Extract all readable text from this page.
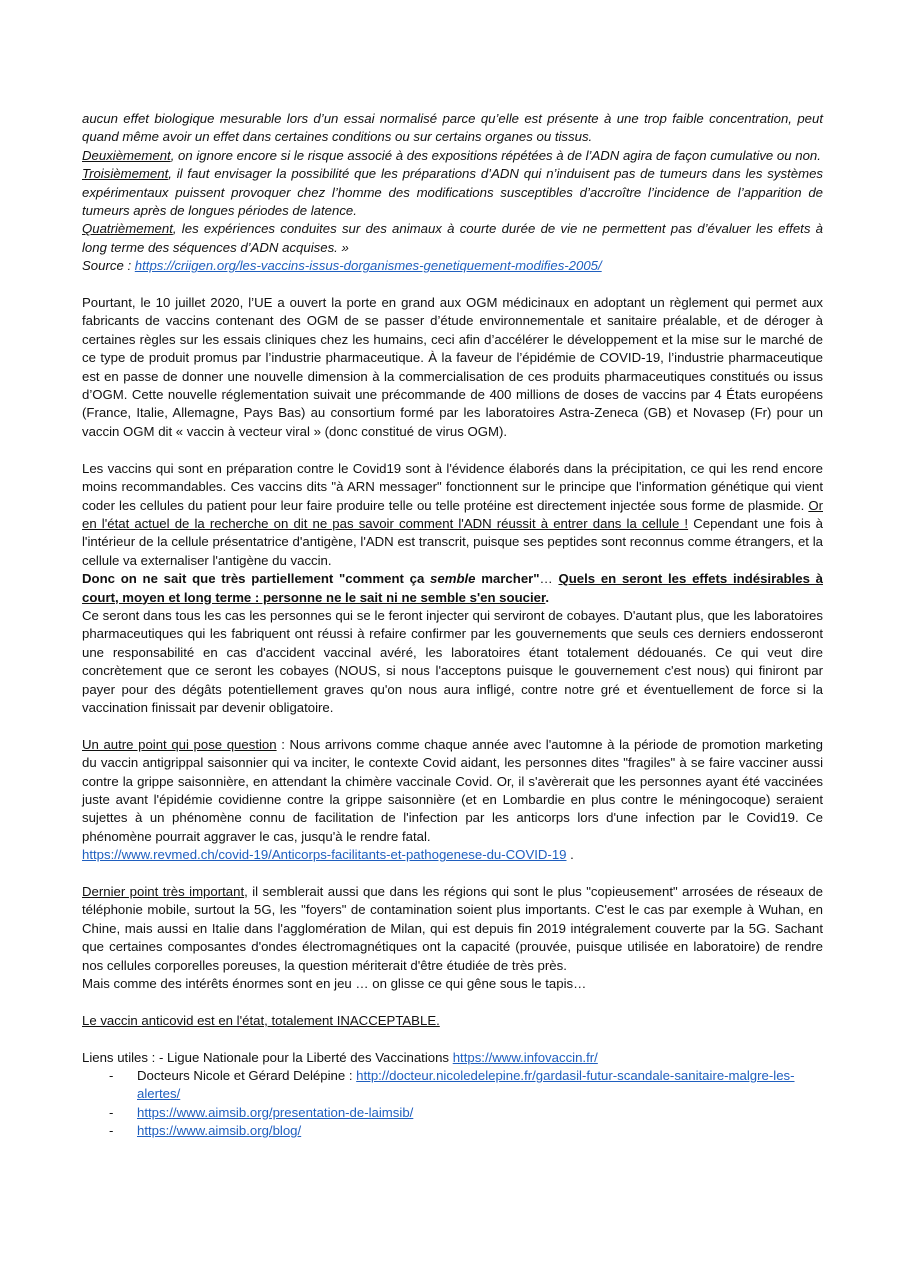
aucun effet biologique mesurable lors d’un essai normalisé parce qu’elle est présente à une trop faible concentration, peut quand même avoir un effet dans certaines conditions ou sur certains organes ou tissus.

Deuxièmement, on ignore encore si le risque associé à des expositions répétées à de l’ADN agira de façon cumulative ou non.

Troisièmement, il faut envisager la possibilité que les préparations d’ADN qui n’induisent pas de tumeurs dans les systèmes expérimentaux puissent provoquer chez l’homme des modifications susceptibles d’accroître l’incidence de l’apparition de tumeurs après de longues périodes de latence.

Quatrièmement, les expériences conduites sur des animaux à courte durée de vie ne permettent pas d’évaluer les effets à long terme des séquences d’ADN acquises. »

Source : https://criigen.org/les-vaccins-issus-dorganismes-genetiquement-modifies-2005/

Pourtant, le 10 juillet 2020, l’UE a ouvert la porte en grand aux OGM médicinaux en adoptant un règlement qui permet aux fabricants de vaccins contenant des OGM de se passer d’étude environnementale et sanitaire préalable, et de déroger à certaines règles sur les essais cliniques chez les humains, ceci afin d’accélérer le développement et la mise sur le marché de ce type de produit promus par l’industrie pharmaceutique. À la faveur de l’épidémie de COVID-19, l’industrie pharmaceutique est en passe de donner une nouvelle dimension à la commercialisation de ces produits pharmaceutiques constitués ou issus d’OGM. Cette nouvelle réglementation suivait une précommande de 400 millions de doses de vaccins par 4 États européens (France, Italie, Allemagne, Pays Bas) au consortium formé par les laboratoires Astra-Zeneca (GB) et Novasep (Fr) pour un vaccin OGM dit « vaccin à vecteur viral » (donc constitué de virus OGM).

Les vaccins qui sont en préparation contre le Covid19 sont à l'évidence élaborés dans la précipitation, ce qui les rend encore moins recommandables. Ces vaccins dits "à ARN messager" fonctionnent sur le principe que l'information génétique qui vient coder les cellules du patient pour leur faire produire telle ou telle protéine est directement injectée sous forme de plasmide. Or en l'état actuel de la recherche on dit ne pas savoir comment l'ADN réussit à entrer dans la cellule ! Cependant une fois à l'intérieur de la cellule présentatrice d'antigène, l'ADN est transcrit, puisque ses peptides sont reconnus comme étrangers, et la cellule va externaliser l'antigène du vaccin.

Donc on ne sait que très partiellement "comment ça semble marcher"… Quels en seront les effets indésirables à court, moyen et long terme : personne ne le sait ni ne semble s'en soucier.

Ce seront dans tous les cas les personnes qui se le feront injecter qui serviront de cobayes. D'autant plus, que les laboratoires pharmaceutiques qui les fabriquent ont réussi à refaire confirmer par les gouvernements que seuls ces derniers endosseront une responsabilité en cas d'accident vaccinal avéré, les laboratoires étant totalement dédouanés. Ce qui veut dire concrètement que ce seront les cobayes (NOUS, si nous l'acceptons puisque le gouvernement c'est nous) qui finiront par payer pour des dégâts potentiellement graves qu'on nous aura infligé, contre notre gré et éventuellement de force si la vaccination finissait par devenir obligatoire.

Un autre point qui pose question : Nous arrivons comme chaque année avec l'automne à la période de promotion marketing du vaccin antigrippal saisonnier qui va inciter, le contexte Covid aidant, les personnes dites "fragiles" à se faire vacciner aussi contre la grippe saisonnière, en attendant la chimère vaccinale Covid. Or, il s'avèrerait que les personnes ayant été vaccinées juste avant l'épidémie covidienne contre la grippe saisonnière (et en Lombardie en plus contre le méningocoque) seraient sujettes à un phénomène connu de facilitation de l'infection par les anticorps lors d'une infection par le Covid19. Ce phénomène pourrait aggraver le cas, jusqu'à le rendre fatal.

https://www.revmed.ch/covid-19/Anticorps-facilitants-et-pathogenese-du-COVID-19 .

Dernier point très important, il semblerait aussi que dans les régions qui sont le plus "copieusement" arrosées de réseaux de téléphonie mobile, surtout la 5G, les "foyers" de contamination soient plus importants. C'est le cas par exemple à Wuhan, en Chine, mais aussi en Italie dans l'agglomération de Milan, qui est depuis fin 2019 intégralement couverte par la 5G. Sachant que certaines composantes d'ondes électromagnétiques ont la capacité (prouvée, puisque utilisée en laboratoire) de rendre nos cellules corporelles poreuses, la question mériterait d'être étudiée de très près.

Mais comme des intérêts énormes sont en jeu … on glisse ce qui gêne sous le tapis…

Le vaccin anticovid est en l'état, totalement INACCEPTABLE.

Liens utiles : - Ligue Nationale pour la Liberté des Vaccinations https://www.infovaccin.fr/

- Docteurs Nicole et Gérard Delépine : http://docteur.nicoledelepine.fr/gardasil-futur-scandale-sanitaire-malgre-les-alertes/
- https://www.aimsib.org/presentation-de-laimsib/
- https://www.aimsib.org/blog/
